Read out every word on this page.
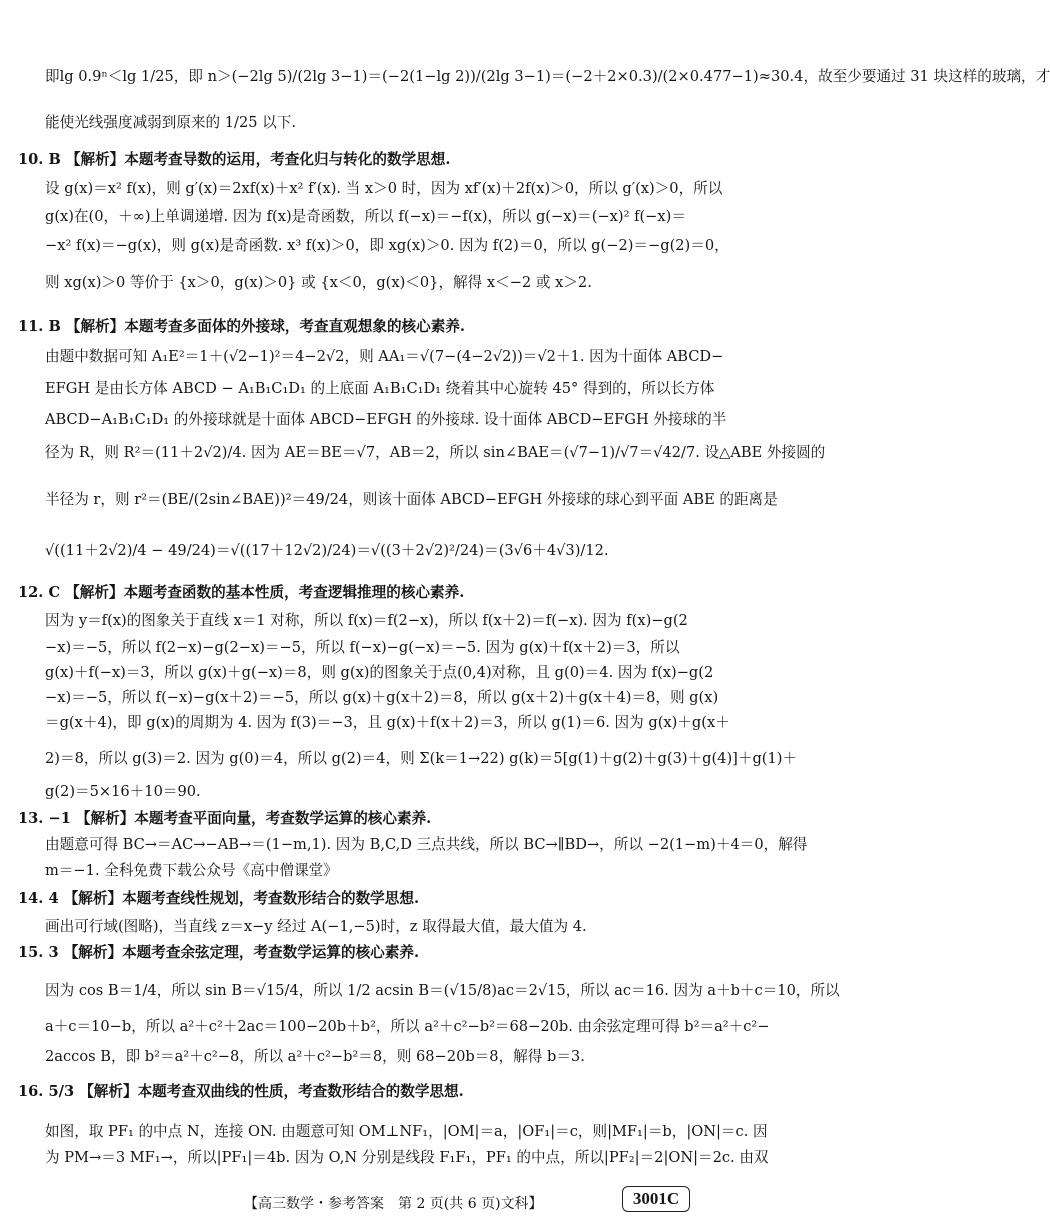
即lg 0.9ⁿ＜lg 1/25，即 n＞(−2lg 5)/(2lg 3−1)＝(−2(1−lg 2))/(2lg 3−1)＝(−2＋2×0.3)/(2×0.477−1)≈30.4，故至少要通过 31 块这样的玻璃，才
能使光线强度减弱到原来的 1/25 以下.
10. B 【解析】本题考查导数的运用，考查化归与转化的数学思想.
设 g(x)＝x² f(x)，则 g′(x)＝2xf(x)＋x² f′(x). 当 x＞0 时，因为 xf′(x)＋2f(x)＞0，所以 g′(x)＞0，所以
g(x)在(0，＋∞)上单调递增. 因为 f(x)是奇函数，所以 f(−x)＝−f(x)，所以 g(−x)＝(−x)² f(−x)＝
−x² f(x)＝−g(x)，则 g(x)是奇函数. x³ f(x)＞0，即 xg(x)＞0. 因为 f(2)＝0，所以 g(−2)＝−g(2)＝0，
则 xg(x)＞0 等价于 {x＞0，g(x)＞0} 或 {x＜0，g(x)＜0}，解得 x＜−2 或 x＞2.
11. B 【解析】本题考查多面体的外接球，考查直观想象的核心素养.
由题中数据可知 A₁E²＝1＋(√2−1)²＝4−2√2，则 AA₁＝√(7−(4−2√2))＝√2＋1. 因为十面体 ABCD−
EFGH 是由长方体 ABCD − A₁B₁C₁D₁ 的上底面 A₁B₁C₁D₁ 绕着其中心旋转 45° 得到的，所以长方体
ABCD−A₁B₁C₁D₁ 的外接球就是十面体 ABCD−EFGH 的外接球. 设十面体 ABCD−EFGH 外接球的半
径为 R，则 R²＝(11＋2√2)/4. 因为 AE＝BE＝√7，AB＝2，所以 sin∠BAE＝(√7−1)/√7＝√42/7. 设△ABE 外接圆的
半径为 r，则 r²＝(BE/(2sin∠BAE))²＝49/24，则该十面体 ABCD−EFGH 外接球的球心到平面 ABE 的距离是
√((11＋2√2)/4 − 49/24)＝√((17＋12√2)/24)＝√((3＋2√2)²/24)＝(3√6＋4√3)/12.
12. C 【解析】本题考查函数的基本性质，考查逻辑推理的核心素养.
因为 y＝f(x)的图象关于直线 x＝1 对称，所以 f(x)＝f(2−x)，所以 f(x＋2)＝f(−x). 因为 f(x)−g(2
−x)＝−5，所以 f(2−x)−g(2−x)＝−5，所以 f(−x)−g(−x)＝−5. 因为 g(x)＋f(x＋2)＝3，所以
g(x)＋f(−x)＝3，所以 g(x)＋g(−x)＝8，则 g(x)的图象关于点(0,4)对称，且 g(0)＝4. 因为 f(x)−g(2
−x)＝−5，所以 f(−x)−g(x＋2)＝−5，所以 g(x)＋g(x＋2)＝8，所以 g(x＋2)＋g(x＋4)＝8，则 g(x)
＝g(x＋4)，即 g(x)的周期为 4. 因为 f(3)＝−3，且 g(x)＋f(x＋2)＝3，所以 g(1)＝6. 因为 g(x)＋g(x＋
2)＝8，所以 g(3)＝2. 因为 g(0)＝4，所以 g(2)＝4，则 Σ(k＝1→22) g(k)＝5[g(1)＋g(2)＋g(3)＋g(4)]＋g(1)＋
g(2)＝5×16＋10＝90.
13. −1 【解析】本题考查平面向量，考查数学运算的核心素养.
由题意可得 BC→＝AC→−AB→＝(1−m,1). 因为 B,C,D 三点共线，所以 BC→∥BD→，所以 −2(1−m)＋4＝0，解得
m＝−1. 全科免费下载公众号《高中僧课堂》
14. 4 【解析】本题考查线性规划，考查数形结合的数学思想.
画出可行域(图略)，当直线 z＝x−y 经过 A(−1,−5)时，z 取得最大值，最大值为 4.
15. 3 【解析】本题考查余弦定理，考查数学运算的核心素养.
因为 cos B＝1/4，所以 sin B＝√15/4，所以 1/2 acsin B＝(√15/8)ac＝2√15，所以 ac＝16. 因为 a＋b＋c＝10，所以
a＋c＝10−b，所以 a²＋c²＋2ac＝100−20b＋b²，所以 a²＋c²−b²＝68−20b. 由余弦定理可得 b²＝a²＋c²−
2accos B，即 b²＝a²＋c²−8，所以 a²＋c²−b²＝8，则 68−20b＝8，解得 b＝3.
16. 5/3 【解析】本题考查双曲线的性质，考查数形结合的数学思想.
如图，取 PF₁ 的中点 N，连接 ON. 由题意可知 OM⊥NF₁，|OM|＝a，|OF₁|＝c，则|MF₁|＝b，|ON|＝c. 因
为 PM→＝3 MF₁→，所以|PF₁|＝4b. 因为 O,N 分别是线段 F₁F₁，PF₁ 的中点，所以|PF₂|＝2|ON|＝2c. 由双
【高三数学・参考答案　第 2 页(共 6 页)文科】	3001C
